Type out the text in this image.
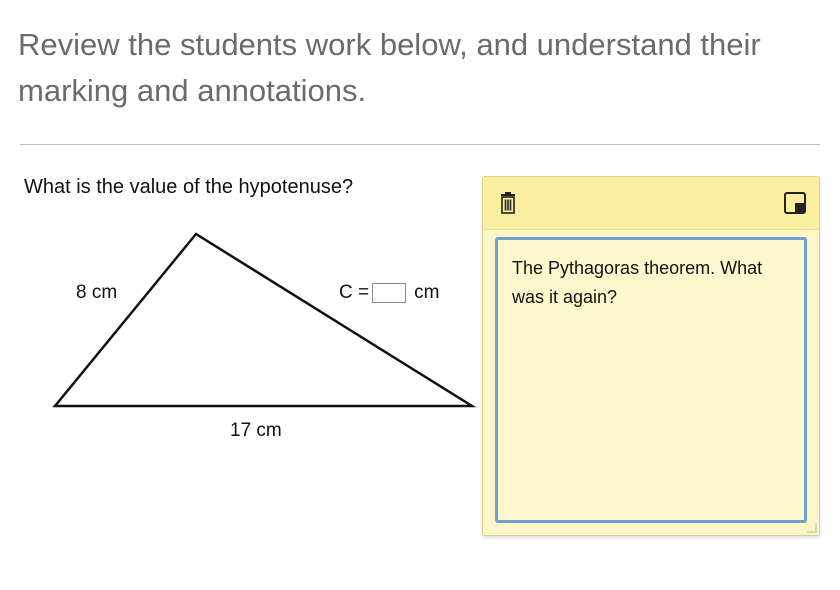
Review the students work below, and understand their marking and annotations.
What is the value of the hypotenuse?
8 cm
17 cm
C = cm
The Pythagoras theorem. What was it again?
